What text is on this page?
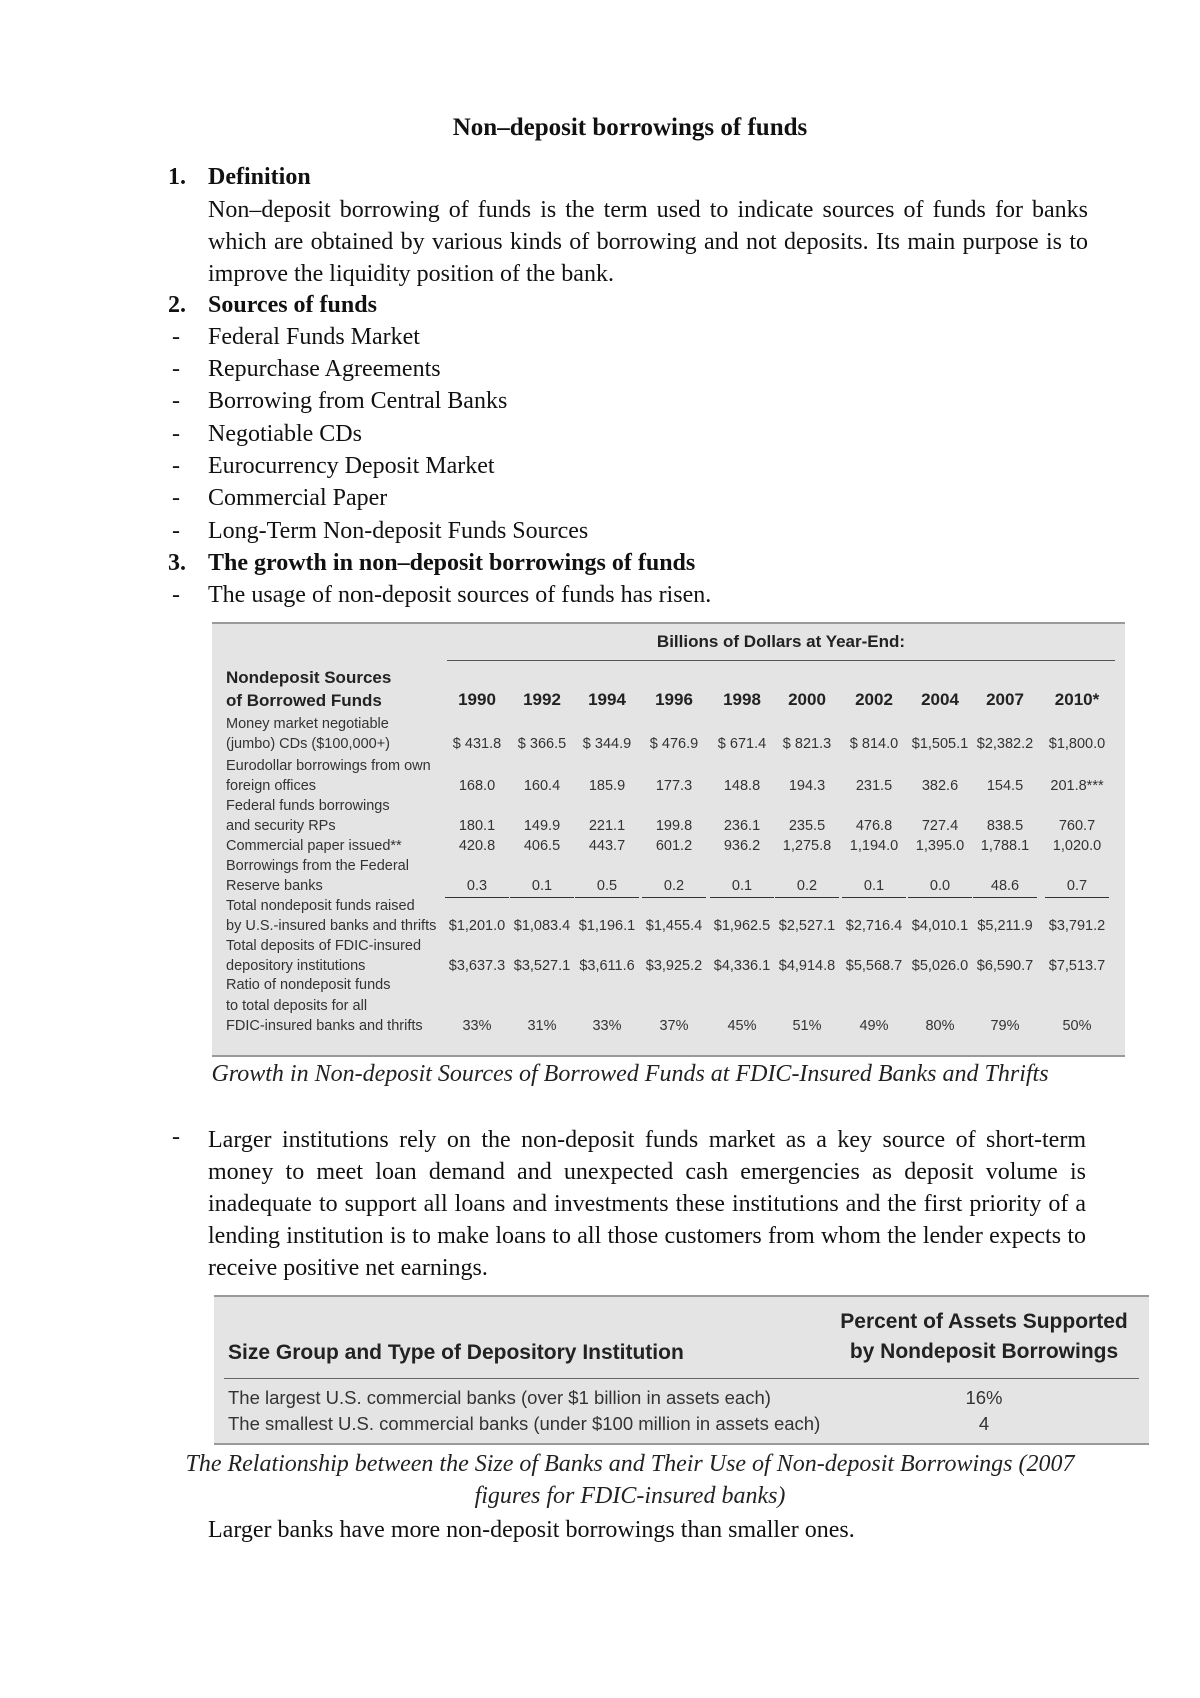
Non–deposit borrowings of funds
1. Definition
Non–deposit borrowing of funds is the term used to indicate sources of funds for banks which are obtained by various kinds of borrowing and not deposits. Its main purpose is to improve the liquidity position of the bank.
2. Sources of funds
- Federal Funds Market
- Repurchase Agreements
- Borrowing from Central Banks
- Negotiable CDs
- Eurocurrency Deposit Market
- Commercial Paper
- Long-Term Non-deposit Funds Sources
3. The growth in non–deposit borrowings of funds
- The usage of non-deposit sources of funds has risen.
Billions of Dollars at Year-End:
Nondeposit Sources
of Borrowed Funds	1990	1992	1994	1996	1998	2000	2002	2004	2007	2010*
Money market negotiable
(jumbo) CDs ($100,000+)	$ 431.8	$ 366.5	$ 344.9	$ 476.9	$ 671.4	$ 821.3	$ 814.0 $1,505.1 $2,382.2 $1,800.0
Eurodollar borrowings from own
foreign offices	168.0	160.4	185.9	177.3	148.8	194.3	231.5	382.6	154.5	201.8***
Federal funds borrowings
and security RPs	180.1	149.9	221.1	199.8	236.1	235.5	476.8	727.4	838.5	760.7
Commercial paper issued**	420.8	406.5	443.7	601.2	936.2	1,275.8	1,194.0	1,395.0	1,788.1	1,020.0
Borrowings from the Federal
Reserve banks	0.3	0.1	0.5	0.2	0.1	0.2	0.1	0.0	48.6	0.7
Total nondeposit funds raised
by U.S.-insured banks and thrifts $1,201.0 $1,083.4 $1,196.1 $1,455.4 $1,962.5 $2,527.1 $2,716.4 $4,010.1 $5,211.9 $3,791.2
Total deposits of FDIC-insured
depository institutions	$3,637.3 $3,527.1 $3,611.6 $3,925.2 $4,336.1 $4,914.8 $5,568.7 $5,026.0 $6,590.7 $7,513.7
Ratio of nondeposit funds
to total deposits for all
FDIC-insured banks and thrifts	33%	31%	33%	37%	45%	51%	49%	80%	79%	50%
Growth in Non-deposit Sources of Borrowed Funds at FDIC-Insured Banks and Thrifts
- Larger institutions rely on the non-deposit funds market as a key source of short-term money to meet loan demand and unexpected cash emergencies as deposit volume is inadequate to support all loans and investments these institutions and the first priority of a lending institution is to make loans to all those customers from whom the lender expects to receive positive net earnings.
Percent of Assets Supported
by Nondeposit Borrowings
Size Group and Type of Depository Institution
The largest U.S. commercial banks (over $1 billion in assets each)	16%
The smallest U.S. commercial banks (under $100 million in assets each)	4
The Relationship between the Size of Banks and Their Use of Non-deposit Borrowings (2007 figures for FDIC-insured banks)
Larger banks have more non-deposit borrowings than smaller ones.
